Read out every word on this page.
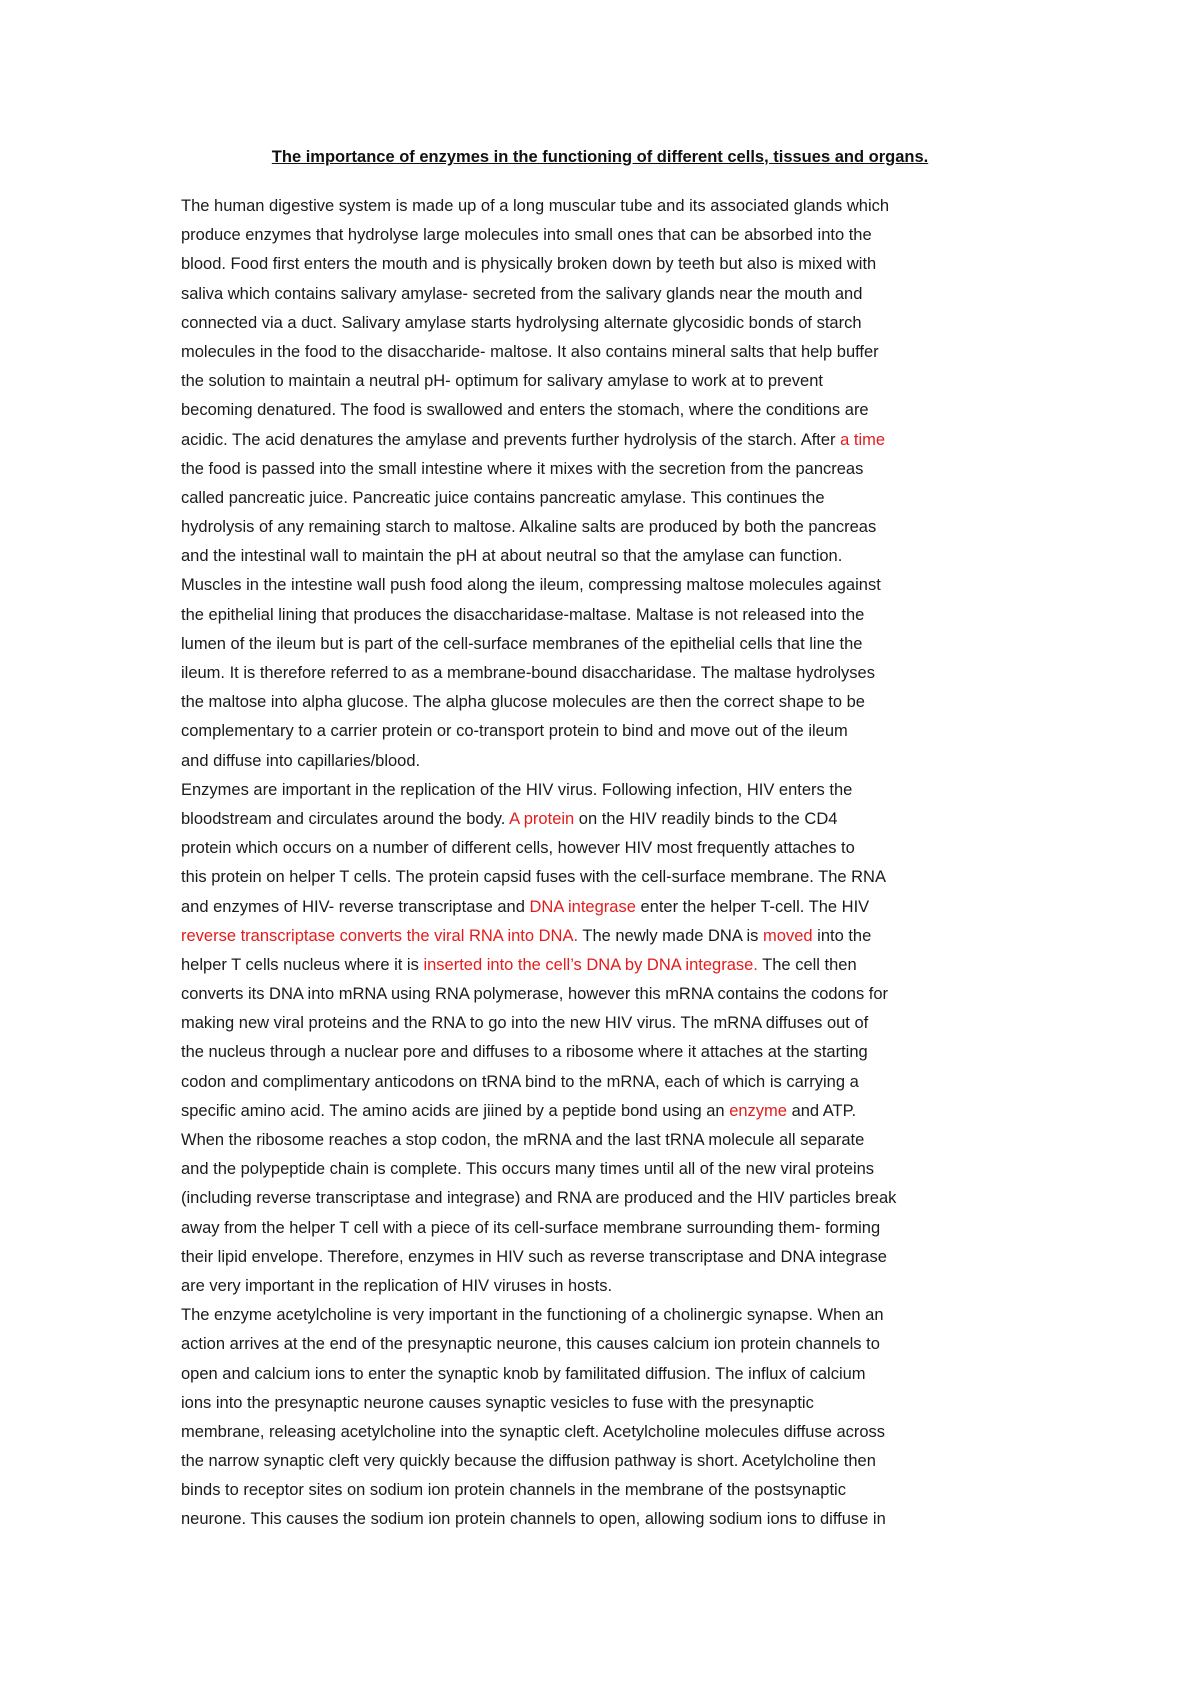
The importance of enzymes in the functioning of different cells, tissues and organs.
The human digestive system is made up of a long muscular tube and its associated glands which
produce enzymes that hydrolyse large molecules into small ones that can be absorbed into the
blood. Food first enters the mouth and is physically broken down by teeth but also is mixed with
saliva which contains salivary amylase- secreted from the salivary glands near the mouth and
connected via a duct. Salivary amylase starts hydrolysing alternate glycosidic bonds of starch
molecules in the food to the disaccharide- maltose. It also contains mineral salts that help buffer
the solution to maintain a neutral pH- optimum for salivary amylase to work at to prevent
becoming denatured. The food is swallowed and enters the stomach, where the conditions are
acidic. The acid denatures the amylase and prevents further hydrolysis of the starch. After a time
the food is passed into the small intestine where it mixes with the secretion from the pancreas
called pancreatic juice. Pancreatic juice contains pancreatic amylase. This continues the
hydrolysis of any remaining starch to maltose. Alkaline salts are produced by both the pancreas
and the intestinal wall to maintain the pH at about neutral so that the amylase can function.
Muscles in the intestine wall push food along the ileum, compressing maltose molecules against
the epithelial lining that produces the disaccharidase-maltase. Maltase is not released into the
lumen of the ileum but is part of the cell-surface membranes of the epithelial cells that line the
ileum. It is therefore referred to as a membrane-bound disaccharidase. The maltase hydrolyses
the maltose into alpha glucose. The alpha glucose molecules are then the correct shape to be
complementary to a carrier protein or co-transport protein to bind and move out of the ileum
and diffuse into capillaries/blood.
Enzymes are important in the replication of the HIV virus. Following infection, HIV enters the
bloodstream and circulates around the body. A protein on the HIV readily binds to the CD4
protein which occurs on a number of different cells, however HIV most frequently attaches to
this protein on helper T cells. The protein capsid fuses with the cell-surface membrane. The RNA
and enzymes of HIV- reverse transcriptase and DNA integrase enter the helper T-cell. The HIV
reverse transcriptase converts the viral RNA into DNA. The newly made DNA is moved into the
helper T cells nucleus where it is inserted into the cell’s DNA by DNA integrase. The cell then
converts its DNA into mRNA using RNA polymerase, however this mRNA contains the codons for
making new viral proteins and the RNA to go into the new HIV virus. The mRNA diffuses out of
the nucleus through a nuclear pore and diffuses to a ribosome where it attaches at the starting
codon and complimentary anticodons on tRNA bind to the mRNA, each of which is carrying a
specific amino acid. The amino acids are jiined by a peptide bond using an enzyme and ATP.
When the ribosome reaches a stop codon, the mRNA and the last tRNA molecule all separate
and the polypeptide chain is complete. This occurs many times until all of the new viral proteins
(including reverse transcriptase and integrase) and RNA are produced and the HIV particles break
away from the helper T cell with a piece of its cell-surface membrane surrounding them- forming
their lipid envelope. Therefore, enzymes in HIV such as reverse transcriptase and DNA integrase
are very important in the replication of HIV viruses in hosts.
The enzyme acetylcholine is very important in the functioning of a cholinergic synapse. When an
action arrives at the end of the presynaptic neurone, this causes calcium ion protein channels to
open and calcium ions to enter the synaptic knob by familitated diffusion. The influx of calcium
ions into the presynaptic neurone causes synaptic vesicles to fuse with the presynaptic
membrane, releasing acetylcholine into the synaptic cleft. Acetylcholine molecules diffuse across
the narrow synaptic cleft very quickly because the diffusion pathway is short. Acetylcholine then
binds to receptor sites on sodium ion protein channels in the membrane of the postsynaptic
neurone. This causes the sodium ion protein channels to open, allowing sodium ions to diffuse in
